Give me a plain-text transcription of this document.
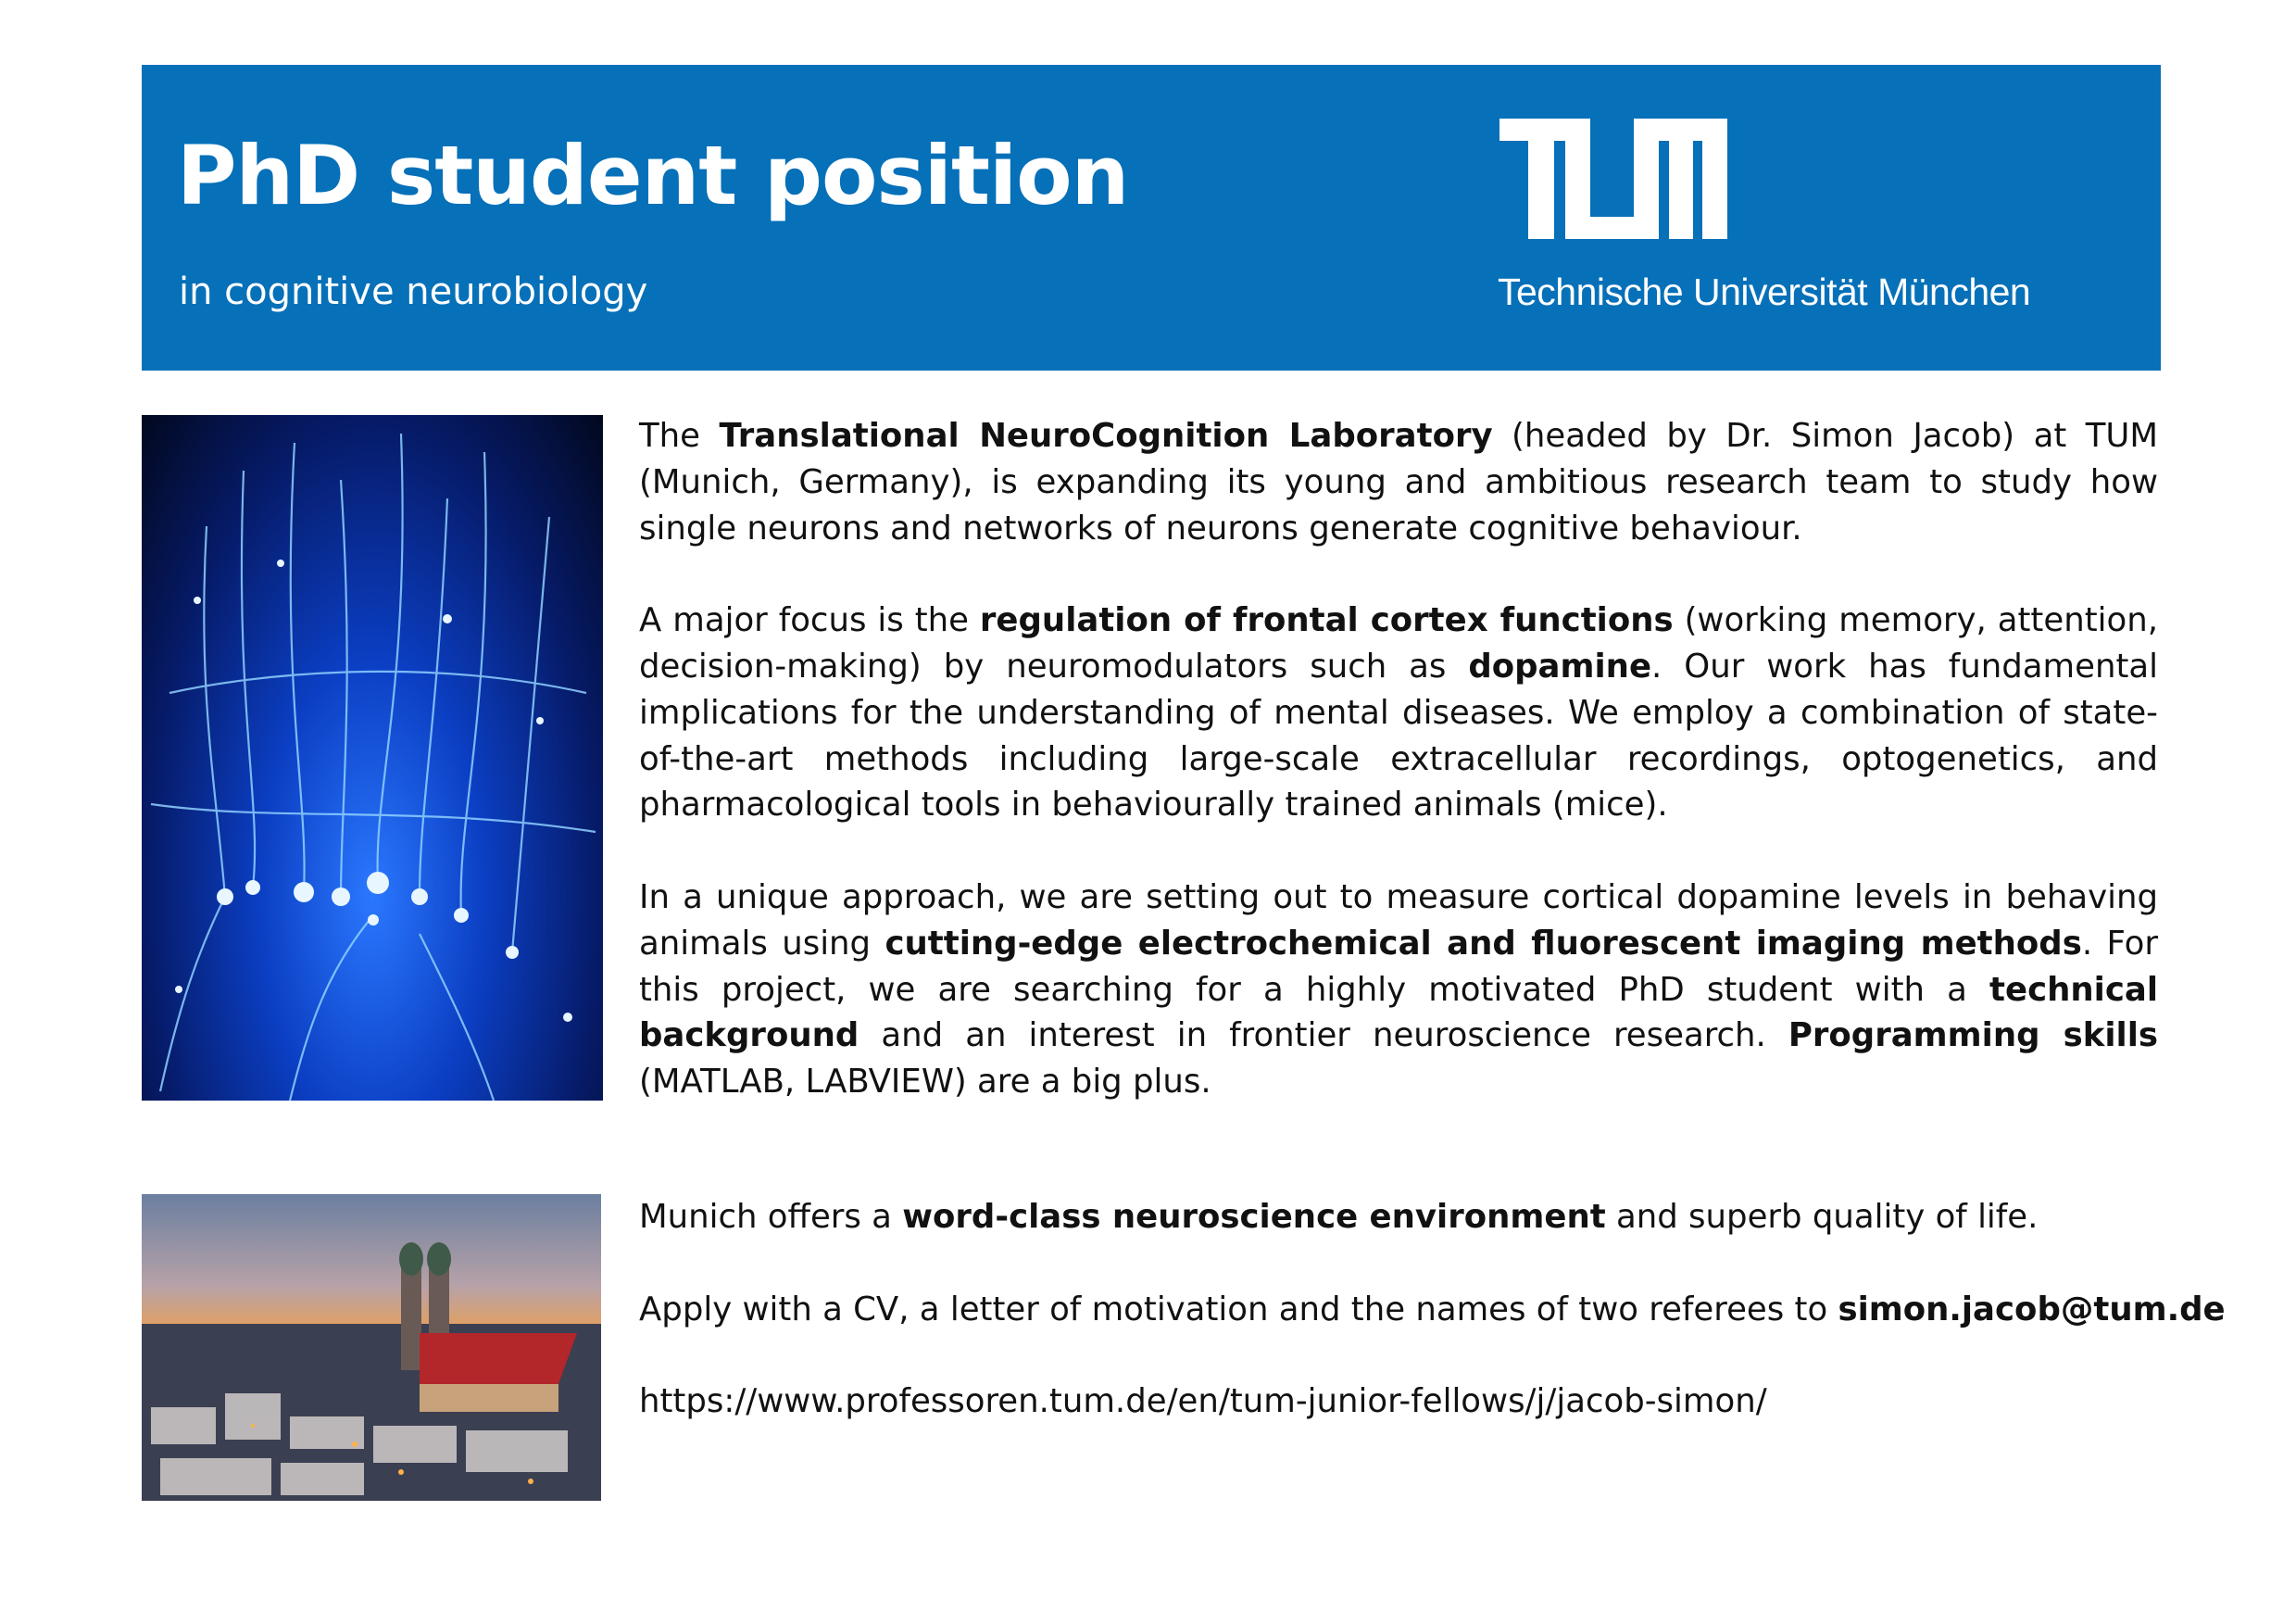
PhD student position

in cognitive neurobiology	Technische Universität München

The Translational NeuroCognition Laboratory (headed by Dr. Simon Jacob) at TUM (Munich, Germany), is expanding its young and ambitious research team to study how single neurons and networks of neurons generate cognitive behaviour.

A major focus is the regulation of frontal cortex functions (working memory, attention, decision-making) by neuromodulators such as dopamine. Our work has fundamental implications for the understanding of mental diseases. We employ a combination of state-of-the-art methods including large-scale extracellular recordings, optogenetics, and pharmacological tools in behaviourally trained animals (mice).

In a unique approach, we are setting out to measure cortical dopamine levels in behaving animals using cutting-edge electrochemical and fluorescent imaging methods. For this project, we are searching for a highly motivated PhD student with a technical background and an interest in frontier neuroscience research. Programming skills (MATLAB, LABVIEW) are a big plus.

Munich offers a word-class neuroscience environment and superb quality of life.

Apply with a CV, a letter of motivation and the names of two referees to simon.jacob@tum.de

https://www.professoren.tum.de/en/tum-junior-fellows/j/jacob-simon/
